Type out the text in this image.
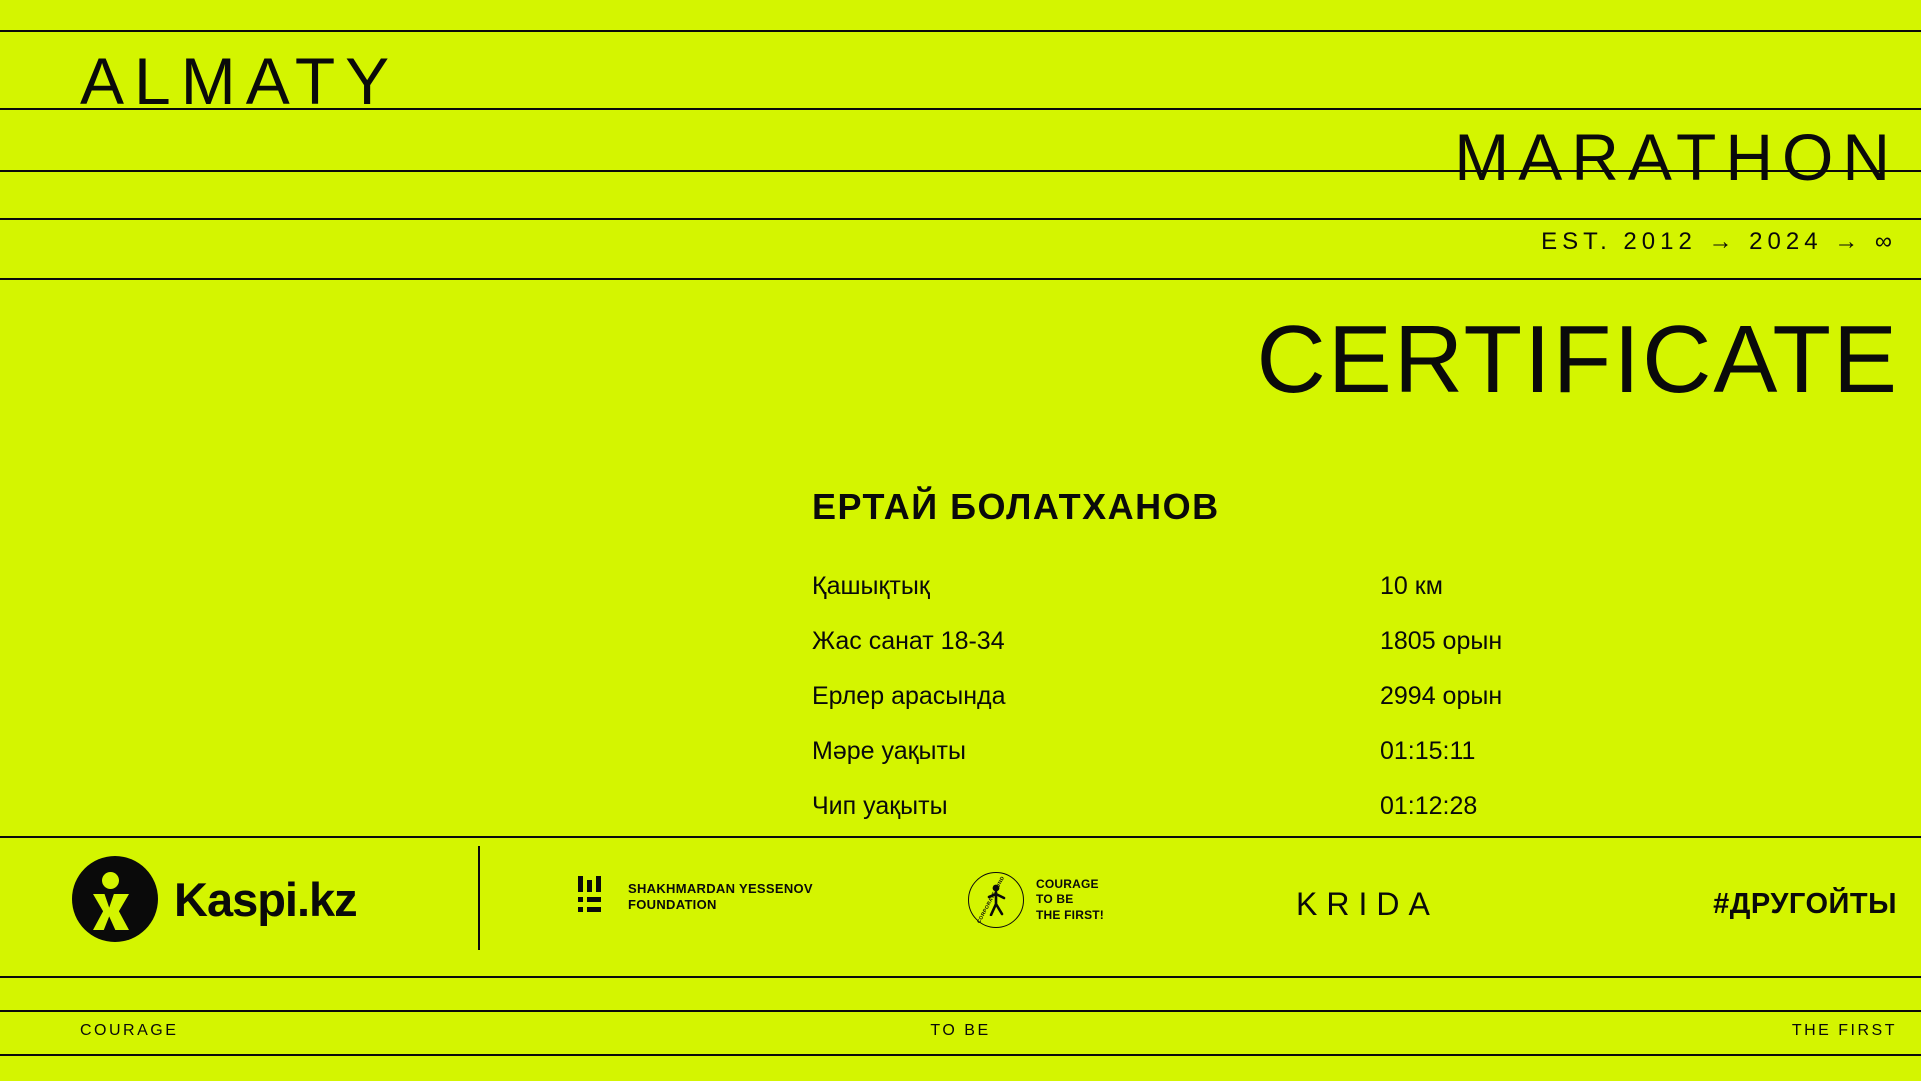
ALMATY
MARATHON
EST. 2012 → 2024 → ∞
CERTIFICATE
ЕРТАЙ БОЛАТХАНОВ
Қашықтық	10 км
Жас санат 18-34	1805 орын
Ерлер арасында	2994 орын
Мәре уақыты	01:15:11
Чип уақыты	01:12:28
Kaspi.kz	SHAKHMARDAN YESSENOV
FOUNDATION	CORPORATE FUND COURAGE
TO BE
THE FIRST!	KRIDA	#ДРУГОЙТЫ
COURAGE	TO BE	THE FIRST
